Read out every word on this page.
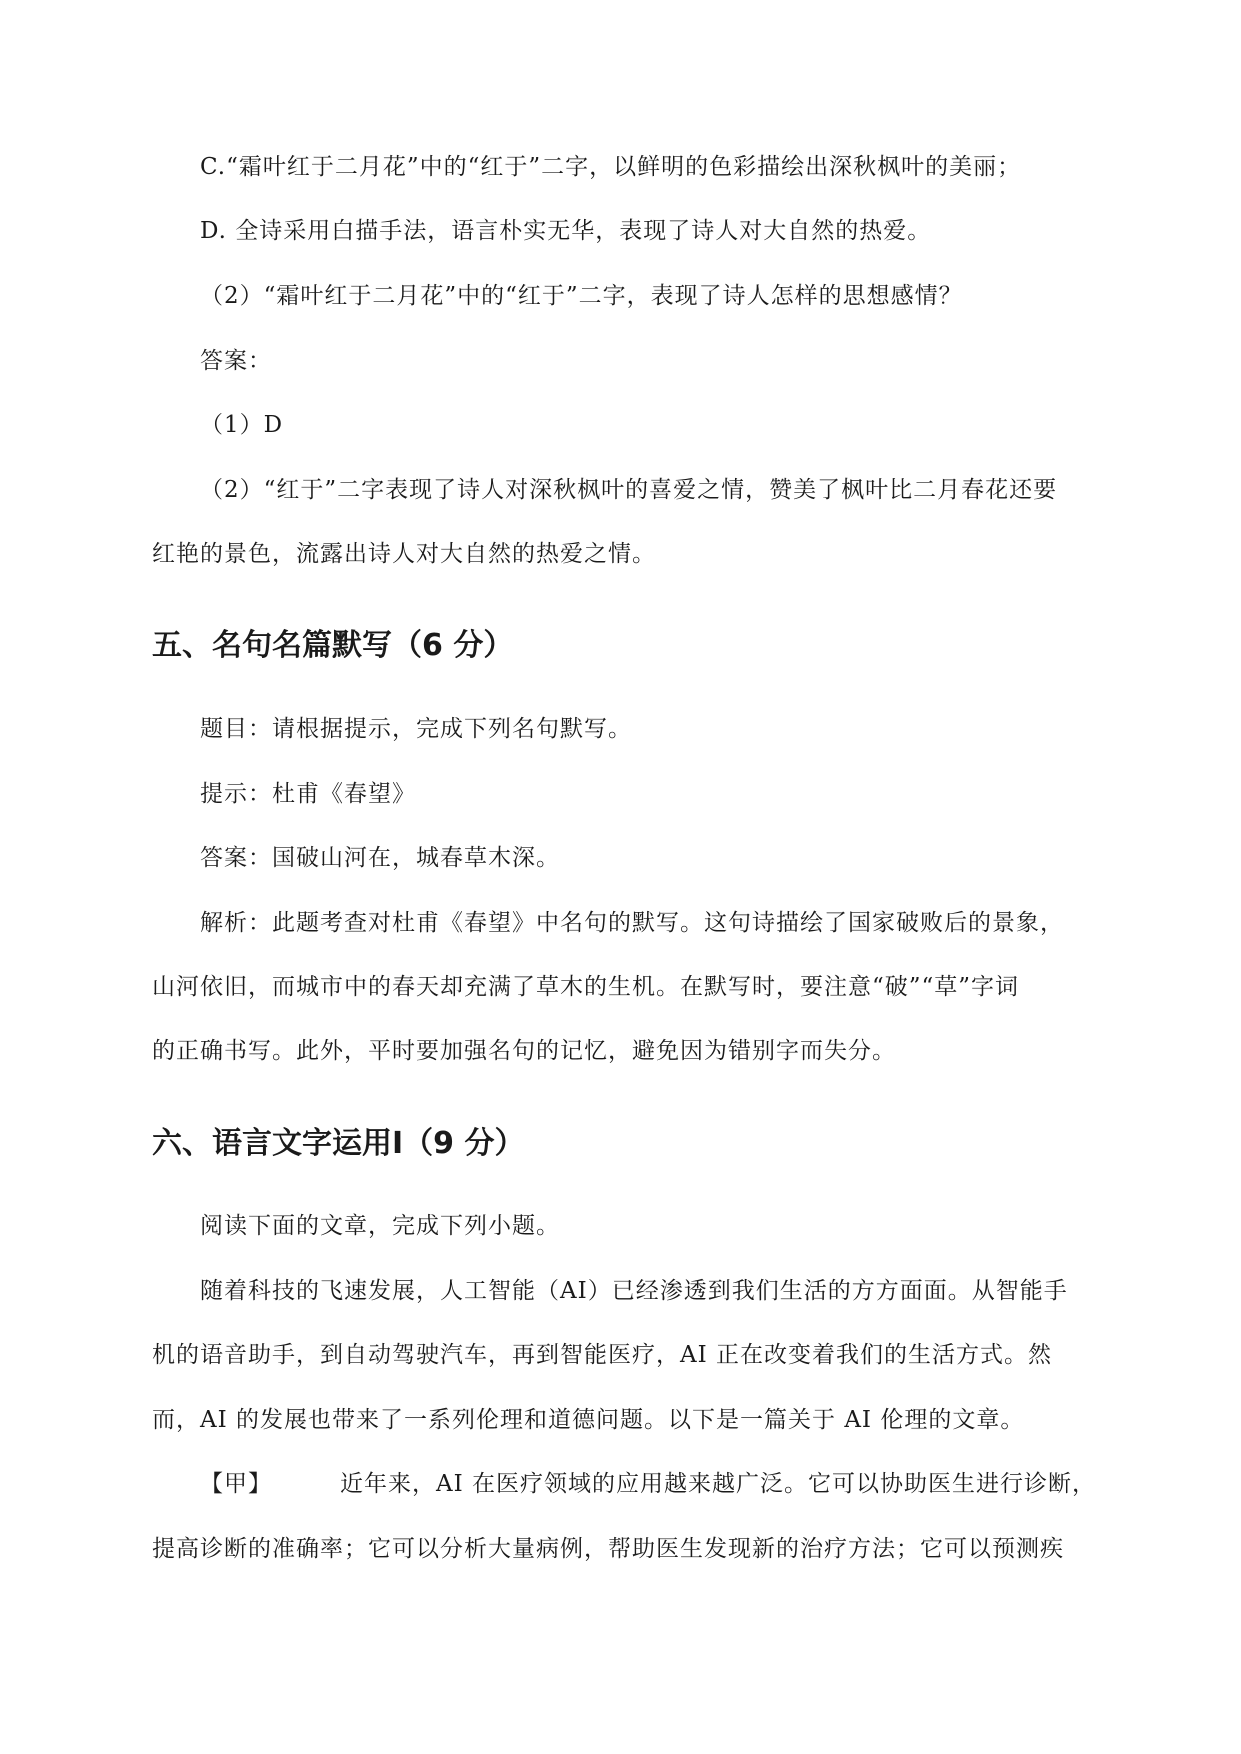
C.“霜叶红于二月花”中的“红于”二字，以鲜明的色彩描绘出深秋枫叶的美丽；
D. 全诗采用白描手法，语言朴实无华，表现了诗人对大自然的热爱。
（2）“霜叶红于二月花”中的“红于”二字，表现了诗人怎样的思想感情？
答案：
（1）D
（2）“红于”二字表现了诗人对深秋枫叶的喜爱之情，赞美了枫叶比二月春花还要
红艳的景色，流露出诗人对大自然的热爱之情。
五、名句名篇默写（6 分）
题目：请根据提示，完成下列名句默写。
提示：杜甫《春望》
答案：国破山河在，城春草木深。
解析：此题考查对杜甫《春望》中名句的默写。这句诗描绘了国家破败后的景象，
山河依旧，而城市中的春天却充满了草木的生机。在默写时，要注意“破”“草”字词
的正确书写。此外，平时要加强名句的记忆，避免因为错别字而失分。
六、语言文字运用Ⅰ（9 分）
阅读下面的文章，完成下列小题。
随着科技的飞速发展，人工智能（AI）已经渗透到我们生活的方方面面。从智能手
机的语音助手，到自动驾驶汽车，再到智能医疗，AI 正在改变着我们的生活方式。然
而，AI 的发展也带来了一系列伦理和道德问题。以下是一篇关于 AI 伦理的文章。
【甲】	近年来，AI 在医疗领域的应用越来越广泛。它可以协助医生进行诊断，
提高诊断的准确率；它可以分析大量病例，帮助医生发现新的治疗方法；它可以预测疾
